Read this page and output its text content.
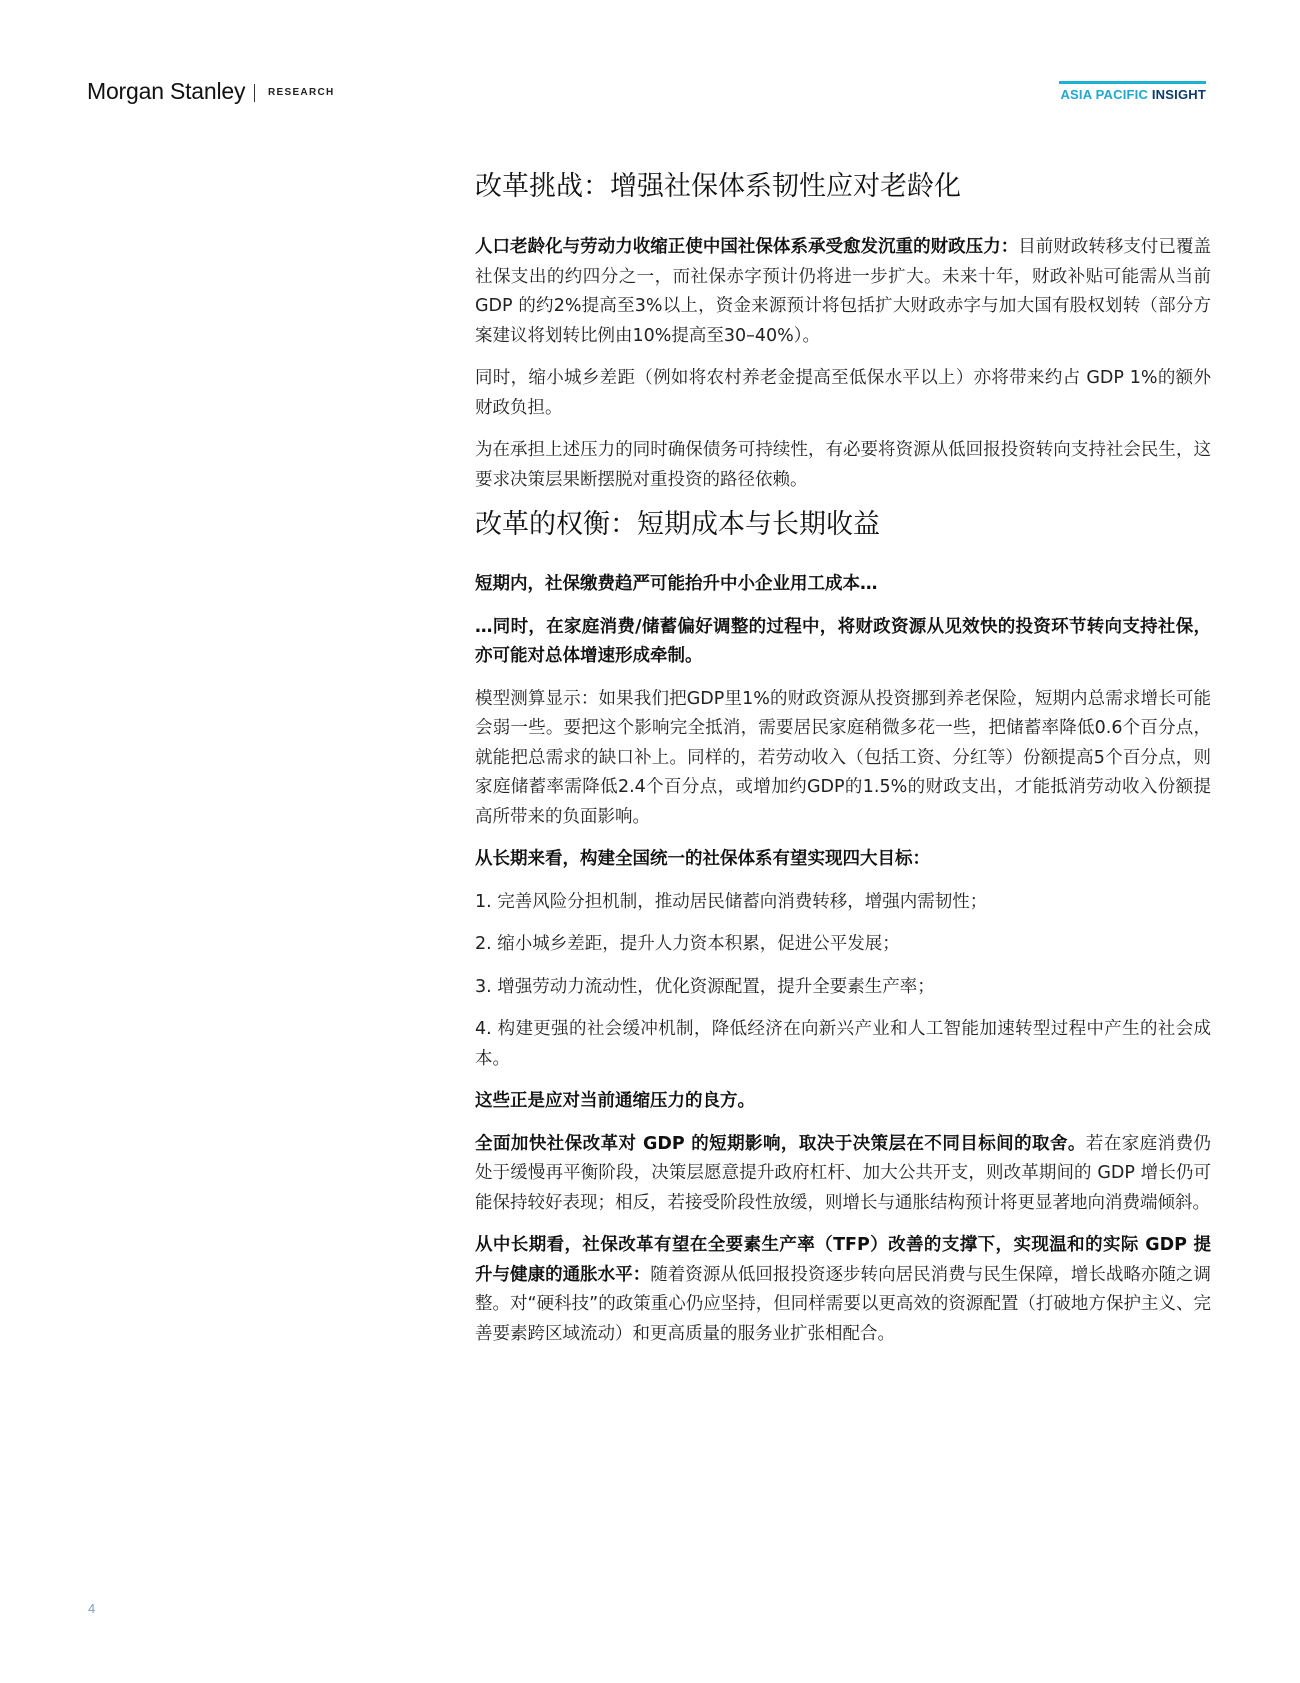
Morgan Stanley RESEARCH	ASIA PACIFIC INSIGHT
改革挑战：增强社保体系韧性应对老龄化

人口老龄化与劳动力收缩正使中国社保体系承受愈发沉重的财政压力：目前财政转移支付已覆盖社保支出的约四分之一，而社保赤字预计仍将进一步扩大。未来十年，财政补贴可能需从当前GDP 的约2%提高至3%以上，资金来源预计将包括扩大财政赤字与加大国有股权划转（部分方案建议将划转比例由10%提高至30–40%）。

同时，缩小城乡差距（例如将农村养老金提高至低保水平以上）亦将带来约占 GDP 1%的额外财政负担。

为在承担上述压力的同时确保债务可持续性，有必要将资源从低回报投资转向支持社会民生，这要求决策层果断摆脱对重投资的路径依赖。

改革的权衡：短期成本与长期收益

短期内，社保缴费趋严可能抬升中小企业用工成本…

…同时，在家庭消费/储蓄偏好调整的过程中，将财政资源从见效快的投资环节转向支持社保，亦可能对总体增速形成牵制。

模型测算显示：如果我们把GDP里1%的财政资源从投资挪到养老保险，短期内总需求增长可能会弱一些。要把这个影响完全抵消，需要居民家庭稍微多花一些，把储蓄率降低0.6个百分点，就能把总需求的缺口补上。同样的，若劳动收入（包括工资、分红等）份额提高5个百分点，则家庭储蓄率需降低2.4个百分点，或增加约GDP的1.5%的财政支出，才能抵消劳动收入份额提高所带来的负面影响。

从长期来看，构建全国统一的社保体系有望实现四大目标：

1. 完善风险分担机制，推动居民储蓄向消费转移，增强内需韧性；

2. 缩小城乡差距，提升人力资本积累，促进公平发展；

3. 增强劳动力流动性，优化资源配置，提升全要素生产率；

4. 构建更强的社会缓冲机制，降低经济在向新兴产业和人工智能加速转型过程中产生的社会成本。

这些正是应对当前通缩压力的良方。

全面加快社保改革对 GDP 的短期影响，取决于决策层在不同目标间的取舍。若在家庭消费仍处于缓慢再平衡阶段，决策层愿意提升政府杠杆、加大公共开支，则改革期间的 GDP 增长仍可能保持较好表现；相反，若接受阶段性放缓，则增长与通胀结构预计将更显著地向消费端倾斜。

从中长期看，社保改革有望在全要素生产率（TFP）改善的支撑下，实现温和的实际 GDP 提升与健康的通胀水平：随着资源从低回报投资逐步转向居民消费与民生保障，增长战略亦随之调整。对“硬科技”的政策重心仍应坚持，但同样需要以更高效的资源配置（打破地方保护主义、完善要素跨区域流动）和更高质量的服务业扩张相配合。

4
